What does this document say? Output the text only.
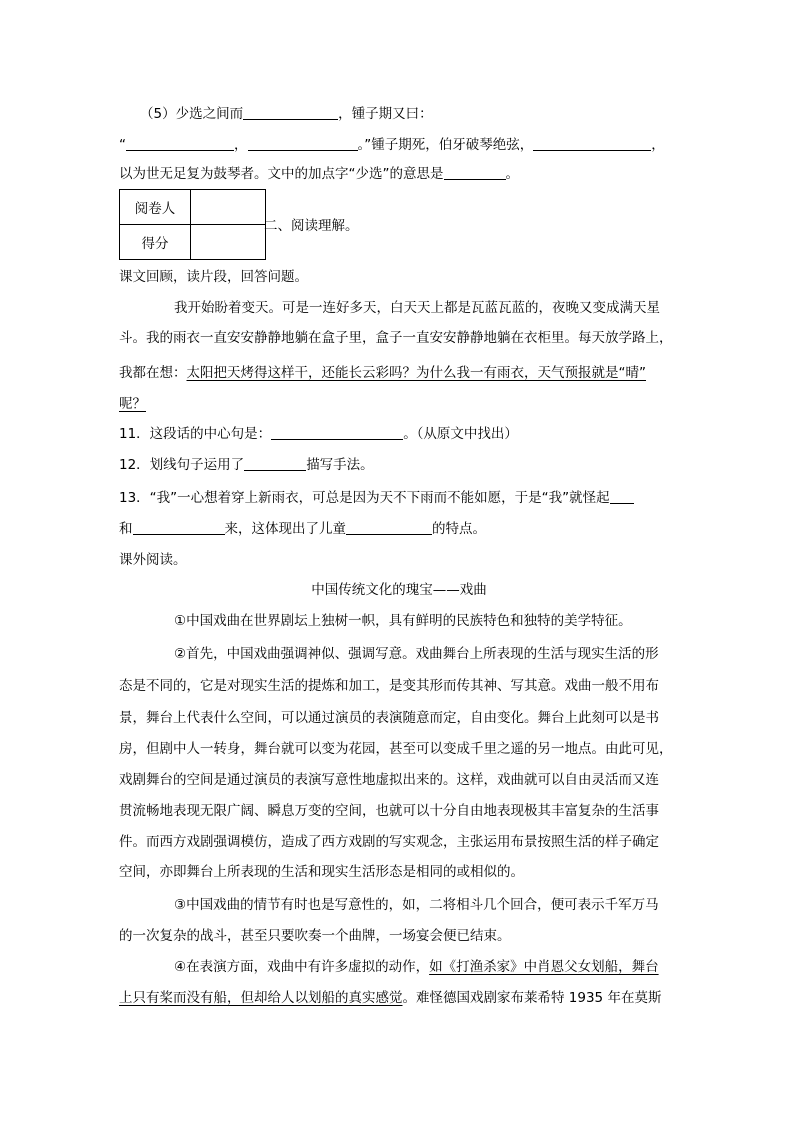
（5）少选之间而	，锺子期又曰：
“	，	。”锺子期死，伯牙破琴绝弦，	，
以为世无足复为鼓琴者。文中的加点字“少选”的意思是	。
阅卷人	
得分	
二、阅读理解。
课文回顾，读片段，回答问题。
我开始盼着变天。可是一连好多天，白天天上都是瓦蓝瓦蓝的，夜晚又变成满天星
斗。我的雨衣一直安安静静地躺在盒子里，盒子一直安安静静地躺在衣柜里。每天放学路上，
我都在想：太阳把天烤得这样干，还能长云彩吗？为什么我一有雨衣，天气预报就是“晴”
呢？
11．这段话的中心句是：	。（从原文中找出）
12．划线句子运用了	描写手法。
13．“我”一心想着穿上新雨衣，可总是因为天不下雨而不能如愿，于是“我”就怪起
和	来，这体现出了儿童	的特点。
课外阅读。
中国传统文化的瑰宝——戏曲
①中国戏曲在世界剧坛上独树一帜，具有鲜明的民族特色和独特的美学特征。
②首先，中国戏曲强调神似、强调写意。戏曲舞台上所表现的生活与现实生活的形
态是不同的，它是对现实生活的提炼和加工，是变其形而传其神、写其意。戏曲一般不用布
景，舞台上代表什么空间，可以通过演员的表演随意而定，自由变化。舞台上此刻可以是书
房，但剧中人一转身，舞台就可以变为花园，甚至可以变成千里之遥的另一地点。由此可见，
戏剧舞台的空间是通过演员的表演写意性地虚拟出来的。这样，戏曲就可以自由灵活而又连
贯流畅地表现无限广阔、瞬息万变的空间，也就可以十分自由地表现极其丰富复杂的生活事
件。而西方戏剧强调模仿，造成了西方戏剧的写实观念，主张运用布景按照生活的样子确定
空间，亦即舞台上所表现的生活和现实生活形态是相同的或相似的。
③中国戏曲的情节有时也是写意性的，如，二将相斗几个回合，便可表示千军万马
的一次复杂的战斗，甚至只要吹奏一个曲牌，一场宴会便已结束。
④在表演方面，戏曲中有许多虚拟的动作，如《打渔杀家》中肖恩父女划船，舞台
上只有桨而没有船，但却给人以划船的真实感觉。难怪德国戏剧家布莱希特 1935 年在莫斯
